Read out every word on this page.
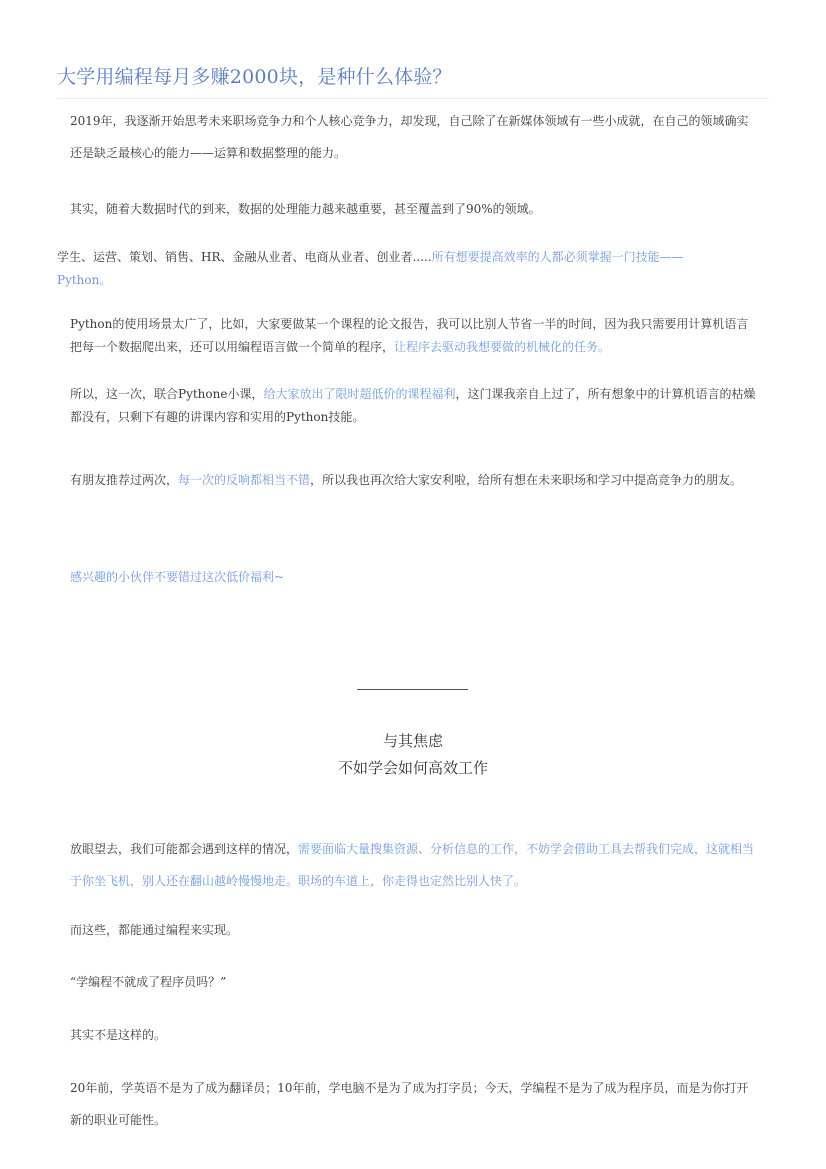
大学用编程每月多赚2000块，是种什么体验？
2019年，我逐渐开始思考未来职场竞争力和个人核心竞争力，却发现，自己除了在新媒体领域有一些小成就，在自己的领域确实还是缺乏最核心的能力——运算和数据整理的能力。
其实，随着大数据时代的到来，数据的处理能力越来越重要，甚至覆盖到了90%的领域。
学生、运营、策划、销售、HR、金融从业者、电商从业者、创业者.....所有想要提高效率的人都必须掌握一门技能——Python。
Python的使用场景太广了，比如，大家要做某一个课程的论文报告，我可以比别人节省一半的时间，因为我只需要用计算机语言把每一个数据爬出来，还可以用编程语言做一个简单的程序，让程序去驱动我想要做的机械化的任务。
所以，这一次，联合Pythone小课，给大家放出了限时超低价的课程福利，这门课我亲自上过了，所有想象中的计算机语言的枯燥都没有，只剩下有趣的讲课内容和实用的Python技能。
有朋友推荐过两次，每一次的反响都相当不错，所以我也再次给大家安利啦，给所有想在未来职场和学习中提高竞争力的朋友。
感兴趣的小伙伴不要错过这次低价福利~
与其焦虑
不如学会如何高效工作
放眼望去，我们可能都会遇到这样的情况，需要面临大量搜集资源、分析信息的工作，不妨学会借助工具去帮我们完成，这就相当于你坐飞机，别人还在翻山越岭慢慢地走。职场的车道上，你走得也定然比别人快了。
而这些，都能通过编程来实现。
“学编程不就成了程序员吗？”
其实不是这样的。
20年前，学英语不是为了成为翻译员；10年前，学电脑不是为了成为打字员；今天，学编程不是为了成为程序员，而是为你打开新的职业可能性。
